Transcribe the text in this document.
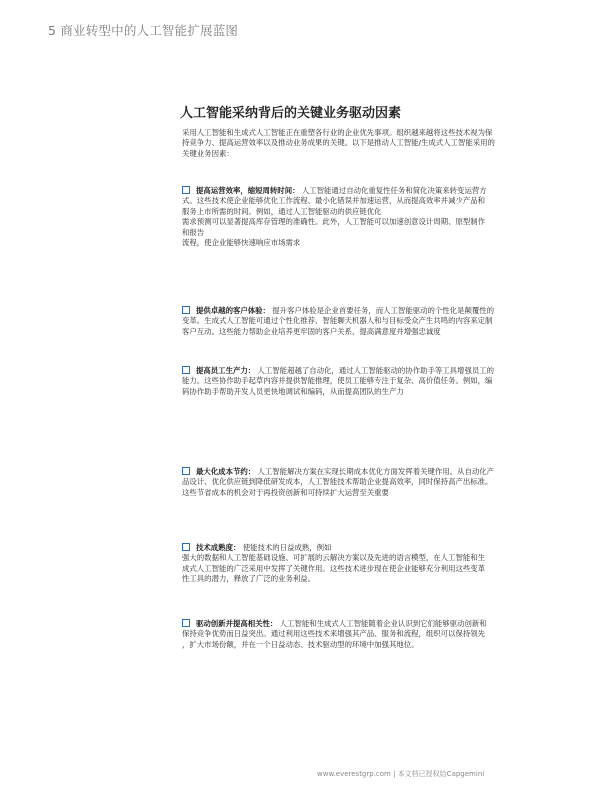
5 商业转型中的人工智能扩展蓝图
人工智能采纳背后的关键业务驱动因素
采用人工智能和生成式人工智能正在重塑各行业的企业优先事项。组织越来越将这些技术视为保
持竞争力、提高运营效率以及推动业务成果的关键。以下是推动人工智能/生成式人工智能采用的
关键业务因素：
提高运营效率，缩短周转时间： 人工智能通过自动化重复性任务和简化决策来转变运营方
式。这些技术使企业能够优化工作流程、最小化错误并加速运营，从而提高效率并减少产品和
服务上市所需的时间。例如，通过人工智能驱动的供应链优化
需求预测可以显著提高库存管理的准确性。此外，人工智能可以加速创意设计周期、原型制作
和报告
流程，使企业能够快速响应市场需求
提供卓越的客户体验： 提升客户体验是企业首要任务，而人工智能驱动的个性化是颠覆性的
变革。生成式人工智能可通过个性化推荐、智能聊天机器人和与目标受众产生共鸣的内容来定制
客户互动。这些能力帮助企业培养更牢固的客户关系、提高满意度并增强忠诚度
提高员工生产力： 人工智能超越了自动化，通过人工智能驱动的协作助手等工具增强员工的
能力。这些协作助手起草内容并提供智能推理，使员工能够专注于复杂、高价值任务。例如，编
码协作助手帮助开发人员更快地调试和编码，从而提高团队的生产力
最大化成本节约： 人工智能解决方案在实现长期成本优化方面发挥着关键作用。从自动化产
品设计、优化供应链到降低研发成本，人工智能技术帮助企业提高效率，同时保持高产出标准。
这些节省成本的机会对于再投资创新和可持续扩大运营至关重要
技术成熟度： 使能技术的日益成熟，例如
强大的数据和人工智能基础设施、可扩展的云解决方案以及先进的语言模型，在人工智能和生
成式人工智能的广泛采用中发挥了关键作用。这些技术进步现在使企业能够充分利用这些变革
性工具的潜力，释放了广泛的业务利益。
驱动创新并提高相关性： 人工智能和生成式人工智能随着企业认识到它们能够驱动创新和
保持竞争优势而日益突出。通过利用这些技术来增强其产品、服务和流程，组织可以保持领先
，扩大市场份额，并在一个日益动态、技术驱动型的环境中加强其地位。
www.everestgrp.com | 本文档已授权给Capgemini
